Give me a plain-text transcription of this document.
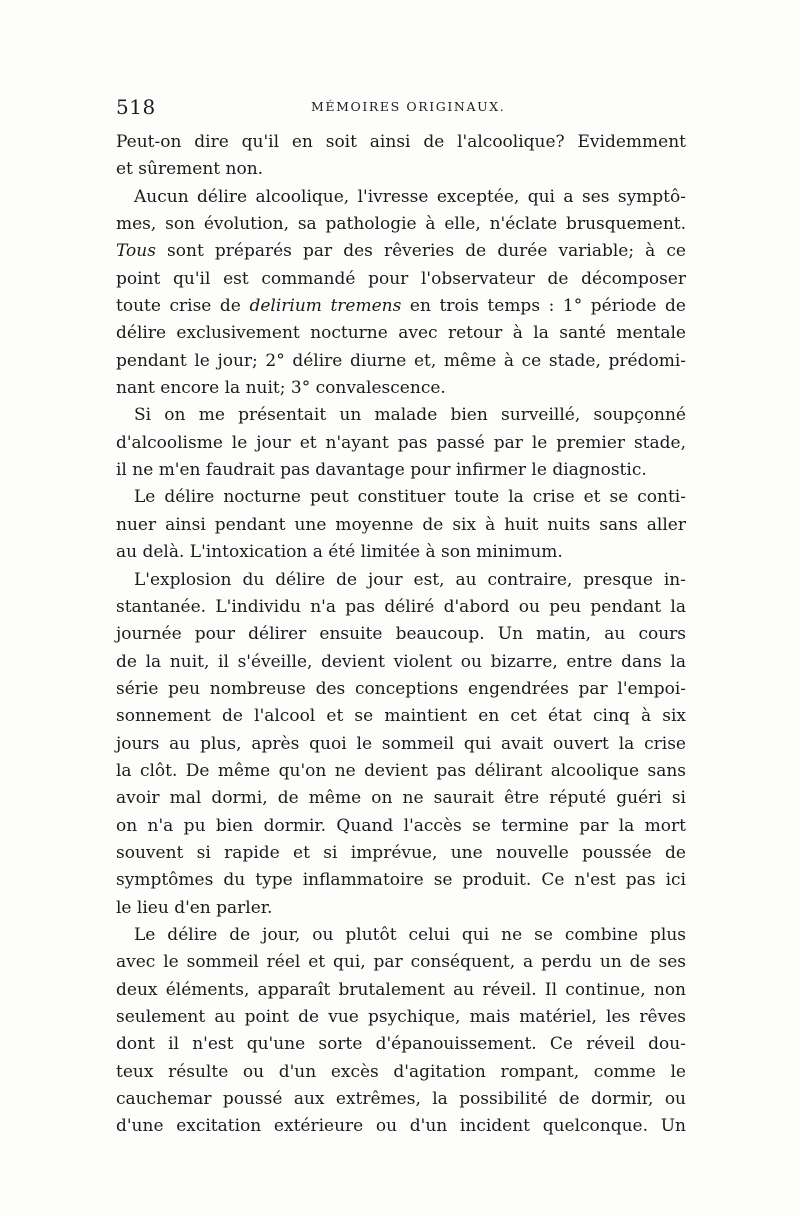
518	MÉMOIRES ORIGINAUX.
Peut-on dire qu'il en soit ainsi de l'alcoolique? Evidemment
et sûrement non.
Aucun délire alcoolique, l'ivresse exceptée, qui a ses symptô-
mes, son évolution, sa pathologie à elle, n'éclate brusquement.
Tous sont préparés par des rêveries de durée variable; à ce
point qu'il est commandé pour l'observateur de décomposer
toute crise de delirium tremens en trois temps : 1° période de
délire exclusivement nocturne avec retour à la santé mentale
pendant le jour; 2° délire diurne et, même à ce stade, prédomi-
nant encore la nuit; 3° convalescence.
Si on me présentait un malade bien surveillé, soupçonné
d'alcoolisme le jour et n'ayant pas passé par le premier stade,
il ne m'en faudrait pas davantage pour infirmer le diagnostic.
Le délire nocturne peut constituer toute la crise et se conti-
nuer ainsi pendant une moyenne de six à huit nuits sans aller
au delà. L'intoxication a été limitée à son minimum.
L'explosion du délire de jour est, au contraire, presque in-
stantanée. L'individu n'a pas déliré d'abord ou peu pendant la
journée pour délirer ensuite beaucoup. Un matin, au cours
de la nuit, il s'éveille, devient violent ou bizarre, entre dans la
série peu nombreuse des conceptions engendrées par l'empoi-
sonnement de l'alcool et se maintient en cet état cinq à six
jours au plus, après quoi le sommeil qui avait ouvert la crise
la clôt. De même qu'on ne devient pas délirant alcoolique sans
avoir mal dormi, de même on ne saurait être réputé guéri si
on n'a pu bien dormir. Quand l'accès se termine par la mort
souvent si rapide et si imprévue, une nouvelle poussée de
symptômes du type inflammatoire se produit. Ce n'est pas ici
le lieu d'en parler.
Le délire de jour, ou plutôt celui qui ne se combine plus
avec le sommeil réel et qui, par conséquent, a perdu un de ses
deux éléments, apparaît brutalement au réveil. Il continue, non
seulement au point de vue psychique, mais matériel, les rêves
dont il n'est qu'une sorte d'épanouissement. Ce réveil dou-
teux résulte ou d'un excès d'agitation rompant, comme le
cauchemar poussé aux extrêmes, la possibilité de dormir, ou
d'une excitation extérieure ou d'un incident quelconque. Un
